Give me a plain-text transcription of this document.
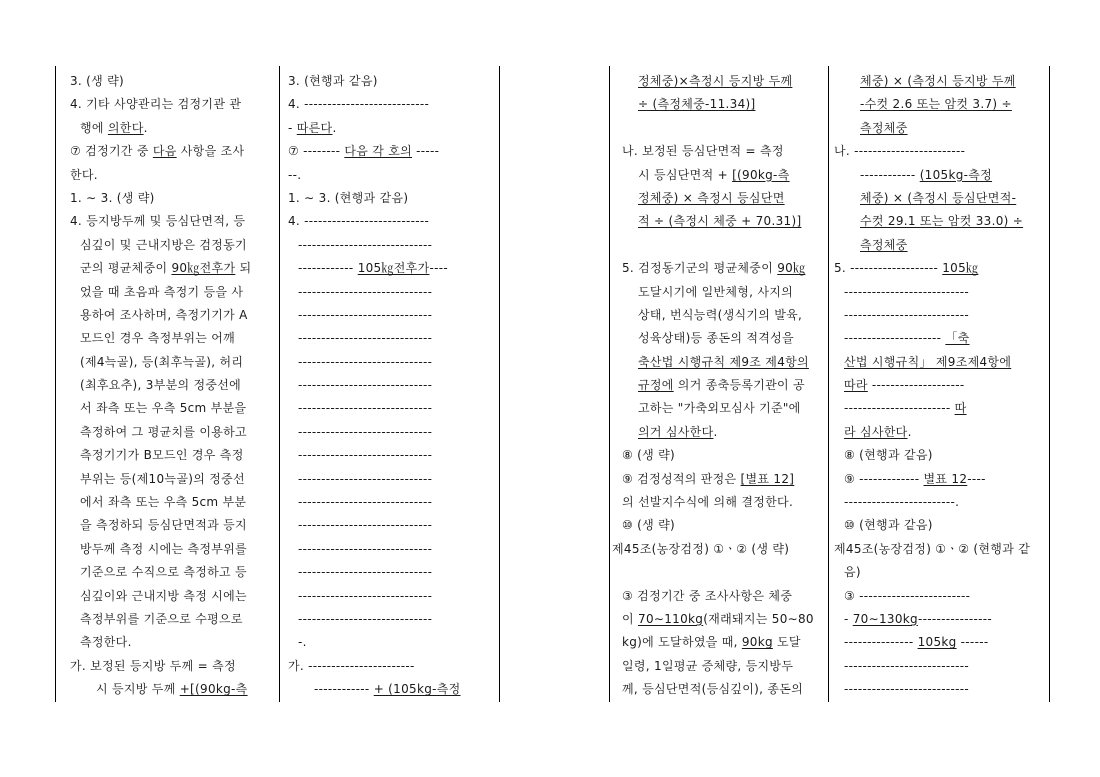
3. (생 략)
4. 기타 사양관리는 검정기관 관
행에 의한다.
⑦ 검정기간 중 다음 사항을 조사
한다.
1. ∼ 3. (생 략)
4. 등지방두께 및 등심단면적, 등
심깊이 및 근내지방은 검정동기
군의 평균체중이 90㎏전후가 되
었을 때 초음파 측정기 등을 사
용하여 조사하며, 측정기기가 A
모드인 경우 측정부위는 어깨
(제4늑골), 등(최후늑골), 허리
(최후요추), 3부분의 정중선에
서 좌측 또는 우측 5cm 부분을
측정하여 그 평균치를 이용하고
측정기기가 B모드인 경우 측정
부위는 등(제10늑골)의 정중선
에서 좌측 또는 우측 5cm 부분
을 측정하되 등심단면적과 등지
방두께 측정 시에는 측정부위를
기준으로 수직으로 측정하고 등
심깊이와 근내지방 측정 시에는
측정부위를 기준으로 수평으로
측정한다.
가. 보정된 등지방 두께 = 측정
시 등지방 두께 +[(90kg-측
3. (현행과 같음)
4. ---------------------------
- 따른다.
⑦ -------- 다음 각 호의 -----
--.
1. ∼ 3. (현행과 같음)
4. ---------------------------
-----------------------------
------------ 105㎏전후가----
-----------------------------
-----------------------------
-----------------------------
-----------------------------
-----------------------------
-----------------------------
-----------------------------
-----------------------------
-----------------------------
-----------------------------
-----------------------------
-----------------------------
-----------------------------
-----------------------------
-----------------------------
-.
가. -----------------------
------------ + (105kg-측정
정체중)×측정시 등지방 두께
÷ (측정체중-11.34)]
나. 보정된 등심단면적 = 측정
시 등심단면적 + [(90kg-측
정체중) × 측정시 등심단면
적 ÷ (측정시 체중 + 70.31)]
5. 검정동기군의 평균체중이 90㎏
도달시기에 일반체형, 사지의
상태, 번식능력(생식기의 발육,
성육상태)등 종돈의 적격성을
축산법 시행규칙 제9조 제4항의
규정에 의거 종축등록기관이 공
고하는 "가축외모심사 기준"에
의거 심사한다.
⑧ (생 략)
⑨ 검정성적의 판정은 [별표 12]
의 선발지수식에 의해 결정한다.
⑩ (생 략)
제45조(농장검정) ①ㆍ② (생 략)
③ 검정기간 중 조사사항은 체중
이 70∼110kg(재래돼지는 50∼80
kg)에 도달하였을 때, 90kg 도달
일령, 1일평균 증체량, 등지방두
께, 등심단면적(등심깊이), 종돈의
체중) × (측정시 등지방 두께
-수컷 2.6 또는 암컷 3.7) ÷
측정체중
나. ------------------------
------------ (105kg-측정
체중) × (측정시 등심단면적-
수컷 29.1 또는 암컷 33.0) ÷
측정체중
5. ------------------- 105㎏
---------------------------
---------------------------
--------------------- 「축
산법 시행규칙」 제9조제4항에
따라 --------------------
----------------------- 따
라 심사한다.
⑧ (현행과 같음)
⑨ ------------- 별표 12----
------------------------.
⑩ (현행과 같음)
제45조(농장검정) ①ㆍ② (현행과 같
음)
③ ------------------------
- 70∼130kg----------------
--------------- 105kg ------
---------------------------
---------------------------
